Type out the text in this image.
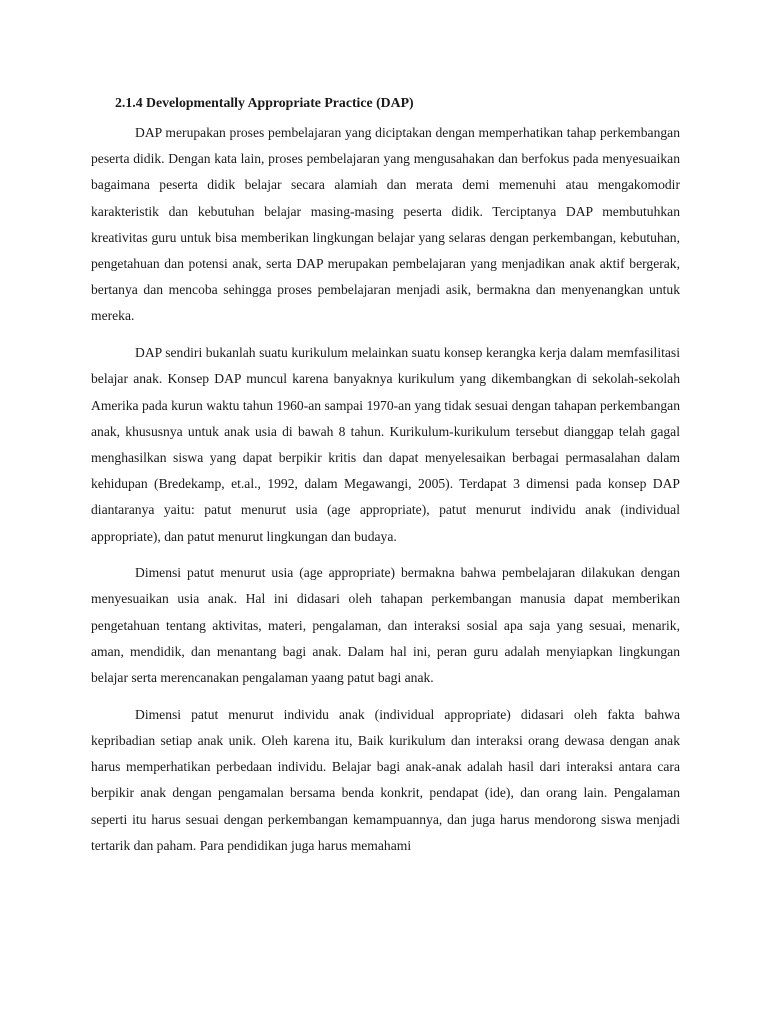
2.1.4 Developmentally Appropriate Practice (DAP)

DAP merupakan proses pembelajaran yang diciptakan dengan memperhatikan tahap perkembangan peserta didik. Dengan kata lain, proses pembelajaran yang mengusahakan dan berfokus pada menyesuaikan bagaimana peserta didik belajar secara alamiah dan merata demi memenuhi atau mengakomodir karakteristik dan kebutuhan belajar masing-masing peserta didik. Terciptanya DAP membutuhkan kreativitas guru untuk bisa memberikan lingkungan belajar yang selaras dengan perkembangan, kebutuhan, pengetahuan dan potensi anak, serta DAP merupakan pembelajaran yang menjadikan anak aktif bergerak, bertanya dan mencoba sehingga proses pembelajaran menjadi asik, bermakna dan menyenangkan untuk mereka.

DAP sendiri bukanlah suatu kurikulum melainkan suatu konsep kerangka kerja dalam memfasilitasi belajar anak. Konsep DAP muncul karena banyaknya kurikulum yang dikembangkan di sekolah-sekolah Amerika pada kurun waktu tahun 1960-an sampai 1970-an yang tidak sesuai dengan tahapan perkembangan anak, khususnya untuk anak usia di bawah 8 tahun. Kurikulum-kurikulum tersebut dianggap telah gagal menghasilkan siswa yang dapat berpikir kritis dan dapat menyelesaikan berbagai permasalahan dalam kehidupan (Bredekamp, et.al., 1992, dalam Megawangi, 2005). Terdapat 3 dimensi pada konsep DAP diantaranya yaitu: patut menurut usia (age appropriate), patut menurut individu anak (individual appropriate), dan patut menurut lingkungan dan budaya.

Dimensi patut menurut usia (age appropriate) bermakna bahwa pembelajaran dilakukan dengan menyesuaikan usia anak. Hal ini didasari oleh tahapan perkembangan manusia dapat memberikan pengetahuan tentang aktivitas, materi, pengalaman, dan interaksi sosial apa saja yang sesuai, menarik, aman, mendidik, dan menantang bagi anak. Dalam hal ini, peran guru adalah menyiapkan lingkungan belajar serta merencanakan pengalaman yaang patut bagi anak.

Dimensi patut menurut individu anak (individual appropriate) didasari oleh fakta bahwa kepribadian setiap anak unik. Oleh karena itu, Baik kurikulum dan interaksi orang dewasa dengan anak harus memperhatikan perbedaan individu. Belajar bagi anak-anak adalah hasil dari interaksi antara cara berpikir anak dengan pengamalan bersama benda konkrit, pendapat (ide), dan orang lain. Pengalaman seperti itu harus sesuai dengan perkembangan kemampuannya, dan juga harus mendorong siswa menjadi tertarik dan paham. Para pendidikan juga harus memahami
